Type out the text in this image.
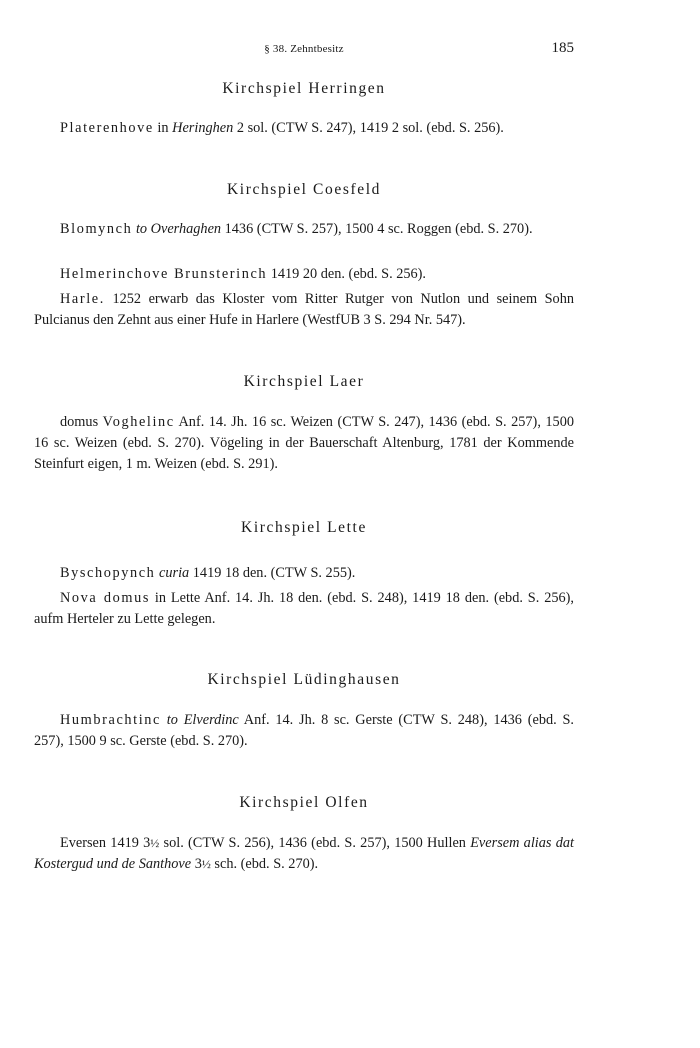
§ 38. Zehntbesitz	185
Kirchspiel Herringen

Platerenhove in Heringhen 2 sol. (CTW S. 247), 1419 2 sol. (ebd. S. 256).

Kirchspiel Coesfeld

Blomynch to Overhaghen 1436 (CTW S. 257), 1500 4 sc. Roggen (ebd. S. 270).

Helmerinchove Brunsterinch 1419 20 den. (ebd. S. 256).

Harle. 1252 erwarb das Kloster vom Ritter Rutger von Nutlon und seinem Sohn Pulcianus den Zehnt aus einer Hufe in Harlere (WestfUB 3 S. 294 Nr. 547).

Kirchspiel Laer

domus Voghelinc Anf. 14. Jh. 16 sc. Weizen (CTW S. 247), 1436 (ebd. S. 257), 1500 16 sc. Weizen (ebd. S. 270). Vögeling in der Bauerschaft Altenburg, 1781 der Kommende Steinfurt eigen, 1 m. Weizen (ebd. S. 291).

Kirchspiel Lette

Byschopynch curia 1419 18 den. (CTW S. 255).

Nova domus in Lette Anf. 14. Jh. 18 den. (ebd. S. 248), 1419 18 den. (ebd. S. 256), aufm Herteler zu Lette gelegen.

Kirchspiel Lüdinghausen

Humbrachtinc to Elverdinc Anf. 14. Jh. 8 sc. Gerste (CTW S. 248), 1436 (ebd. S. 257), 1500 9 sc. Gerste (ebd. S. 270).

Kirchspiel Olfen

Eversen 1419 3½ sol. (CTW S. 256), 1436 (ebd. S. 257), 1500 Hullen Eversem alias dat Kostergud und de Santhove 3½ sch. (ebd. S. 270).
